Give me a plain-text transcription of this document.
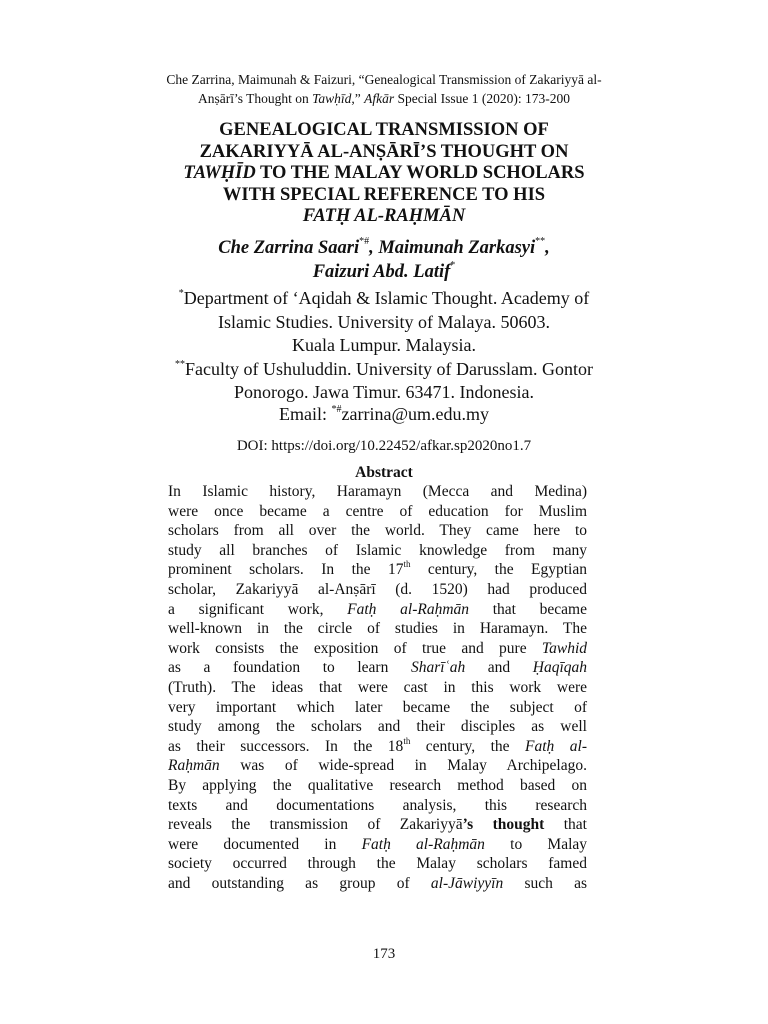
Che Zarrina, Maimunah & Faizuri, “Genealogical Transmission of Zakariyyā al-
Anṣārī’s Thought on Tawḥīd,” Afkār Special Issue 1 (2020): 173-200
GENEALOGICAL TRANSMISSION OF
ZAKARIYYĀ AL-ANṢĀRĪ’S THOUGHT ON
TAWḤĪD TO THE MALAY WORLD SCHOLARS
WITH SPECIAL REFERENCE TO HIS
FATḤ AL-RAḤMĀN
Che Zarrina Saari*#, Maimunah Zarkasyi**,
Faizuri Abd. Latif*
*Department of ‘Aqidah & Islamic Thought. Academy of
Islamic Studies. University of Malaya. 50603.
Kuala Lumpur. Malaysia.
**Faculty of Ushuluddin. University of Darusslam. Gontor
Ponorogo. Jawa Timur. 63471. Indonesia.
Email: *#zarrina@um.edu.my
DOI: https://doi.org/10.22452/afkar.sp2020no1.7
Abstract
In Islamic history, Haramayn (Mecca and Medina)
were once became a centre of education for Muslim
scholars from all over the world. They came here to
study all branches of Islamic knowledge from many
prominent scholars. In the 17th century, the Egyptian
scholar, Zakariyyā al-Anṣārī (d. 1520) had produced
a significant work, Fatḥ al-Raḥmān that became
well-known in the circle of studies in Haramayn. The
work consists the exposition of true and pure Tawhid
as a foundation to learn Sharīʿah and Ḥaqīqah
(Truth). The ideas that were cast in this work were
very important which later became the subject of
study among the scholars and their disciples as well
as their successors. In the 18th century, the Fatḥ al-
Raḥmān was of wide-spread in Malay Archipelago.
By applying the qualitative research method based on
texts and documentations analysis, this research
reveals the transmission of Zakariyyā’s thought that
were documented in Fatḥ al-Raḥmān to Malay
society occurred through the Malay scholars famed
and outstanding as group of al-Jāwiyyīn such as
173
